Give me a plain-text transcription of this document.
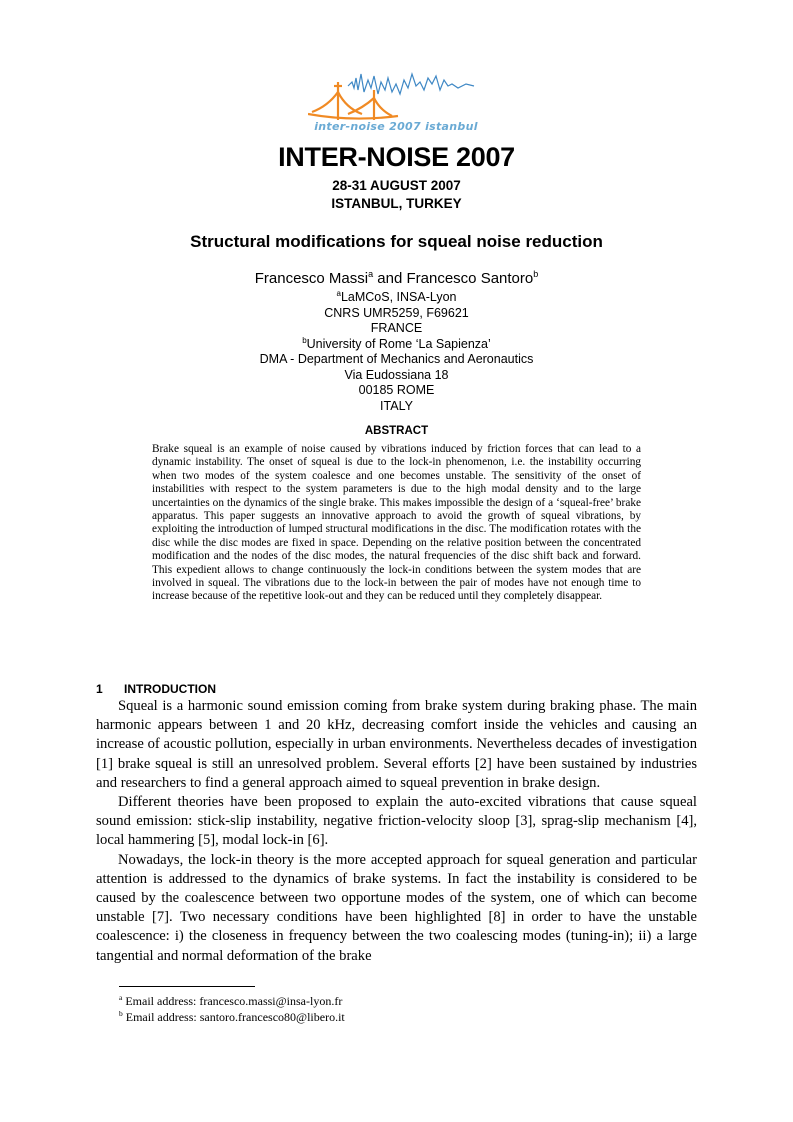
inter-noise 2007 istanbul
INTER-NOISE 2007
28-31 AUGUST 2007
ISTANBUL, TURKEY
Structural modifications for squeal noise reduction
Francesco Massi$^a$ and Francesco Santoro$^b$
$^a$LaMCoS, INSA-Lyon
CNRS UMR5259, F69621
FRANCE
$^b$University of Rome ‘La Sapienza’
DMA - Department of Mechanics and Aeronautics
Via Eudossiana 18
00185 ROME
ITALY
ABSTRACT

Brake squeal is an example of noise caused by vibrations induced by friction forces that can lead to a dynamic instability. The onset of squeal is due to the lock-in phenomenon, i.e. the instability occurring when two modes of the system coalesce and one becomes unstable. The sensitivity of the onset of instabilities with respect to the system parameters is due to the high modal density and to the large uncertainties on the dynamics of the single brake. This makes impossible the design of a ‘squeal-free’ brake apparatus. This paper suggests an innovative approach to avoid the growth of squeal vibrations, by exploiting the introduction of lumped structural modifications in the disc. The modification rotates with the disc while the disc modes are fixed in space. Depending on the relative position between the concentrated modification and the nodes of the disc modes, the natural frequencies of the disc shift back and forward. This expedient allows to change continuously the lock-in conditions between the system modes that are involved in squeal. The vibrations due to the lock-in between the pair of modes have not enough time to increase because of the repetitive look-out and they can be reduced until they completely disappear.

1 INTRODUCTION

Squeal is a harmonic sound emission coming from brake system during braking phase. The main harmonic appears between 1 and 20 kHz, decreasing comfort inside the vehicles and causing an increase of acoustic pollution, especially in urban environments. Nevertheless decades of investigation [1] brake squeal is still an unresolved problem. Several efforts [2] have been sustained by industries and researchers to find a general approach aimed to squeal prevention in brake design.

Different theories have been proposed to explain the auto-excited vibrations that cause squeal sound emission: stick-slip instability, negative friction-velocity sloop [3], sprag-slip mechanism [4], local hammering [5], modal lock-in [6].

Nowadays, the lock-in theory is the more accepted approach for squeal generation and particular attention is addressed to the dynamics of brake systems. In fact the instability is considered to be caused by the coalescence between two opportune modes of the system, one of which can become unstable [7]. Two necessary conditions have been highlighted [8] in order to have the unstable coalescence: i) the closeness in frequency between the two coalescing modes (tuning-in); ii) a large tangential and normal deformation of the brake

$^a$ Email address: francesco.massi@insa-lyon.fr
$^b$ Email address: santoro.francesco80@libero.it
